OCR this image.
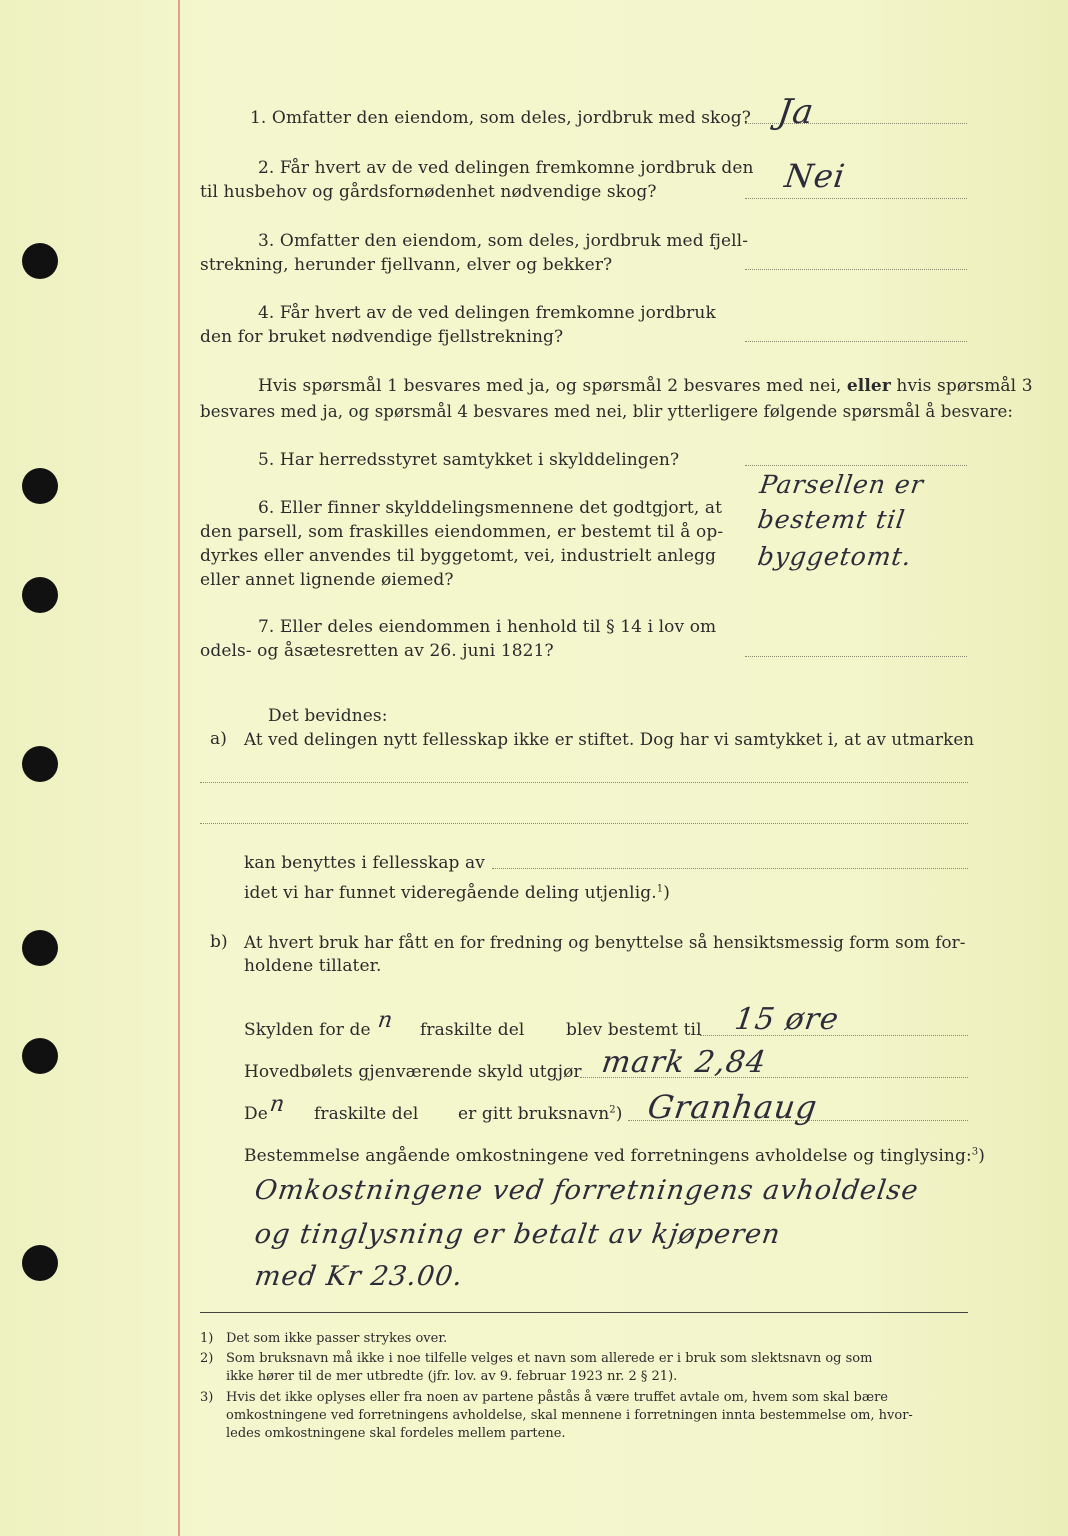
1. Omfatter den eiendom, som deles, jordbruk med skog? Ja
2. Får hvert av de ved delingen fremkomne jordbruk den
til husbehov og gårdsfornødenhet nødvendige skog?	Nei
3. Omfatter den eiendom, som deles, jordbruk med fjell-
strekning, herunder fjellvann, elver og bekker?
4. Får hvert av de ved delingen fremkomne jordbruk
den for bruket nødvendige fjellstrekning?
Hvis spørsmål 1 besvares med ja, og spørsmål 2 besvares med nei, eller hvis spørsmål 3
besvares med ja, og spørsmål 4 besvares med nei, blir ytterligere følgende spørsmål å besvare:
5. Har herredsstyret samtykket i skylddelingen?
6. Eller finner skylddelingsmennene det godtgjort, at
den parsell, som fraskilles eiendommen, er bestemt til å op-
dyrkes eller anvendes til byggetomt, vei, industrielt anlegg
eller annet lignende øiemed?
Parsellen er
bestemt til
byggetomt.
7. Eller deles eiendommen i henhold til § 14 i lov om
odels- og åsætesretten av 26. juni 1821?
Det bevidnes:
a) At ved delingen nytt fellesskap ikke er stiftet. Dog har vi samtykket i, at av utmarken
kan benyttes i fellesskap av
idet vi har funnet videregående deling utjenlig.$^1$)
b) At hvert bruk har fått en for fredning og benyttelse så hensiktsmessig form som for-
holdene tillater.
Skylden for de n fraskilte del blev bestemt til 15 øre
Hovedbølets gjenværende skyld utgjør mark 2,84
De n fraskilte del er gitt bruksnavn$^2$) Granhaug
Bestemmelse angående omkostningene ved forretningens avholdelse og tinglysing:$^3$)
Omkostningene ved forretningens avholdelse
og tinglysning er betalt av kjøperen
med Kr 23.00.
1) Det som ikke passer strykes over.
2) Som bruksnavn må ikke i noe tilfelle velges et navn som allerede er i bruk som slektsnavn og som
ikke hører til de mer utbredte (jfr. lov. av 9. februar 1923 nr. 2 § 21).
3) Hvis det ikke oplyses eller fra noen av partene påstås å være truffet avtale om, hvem som skal bære
omkostningene ved forretningens avholdelse, skal mennene i forretningen innta bestemmelse om, hvor-
ledes omkostningene skal fordeles mellem partene.
